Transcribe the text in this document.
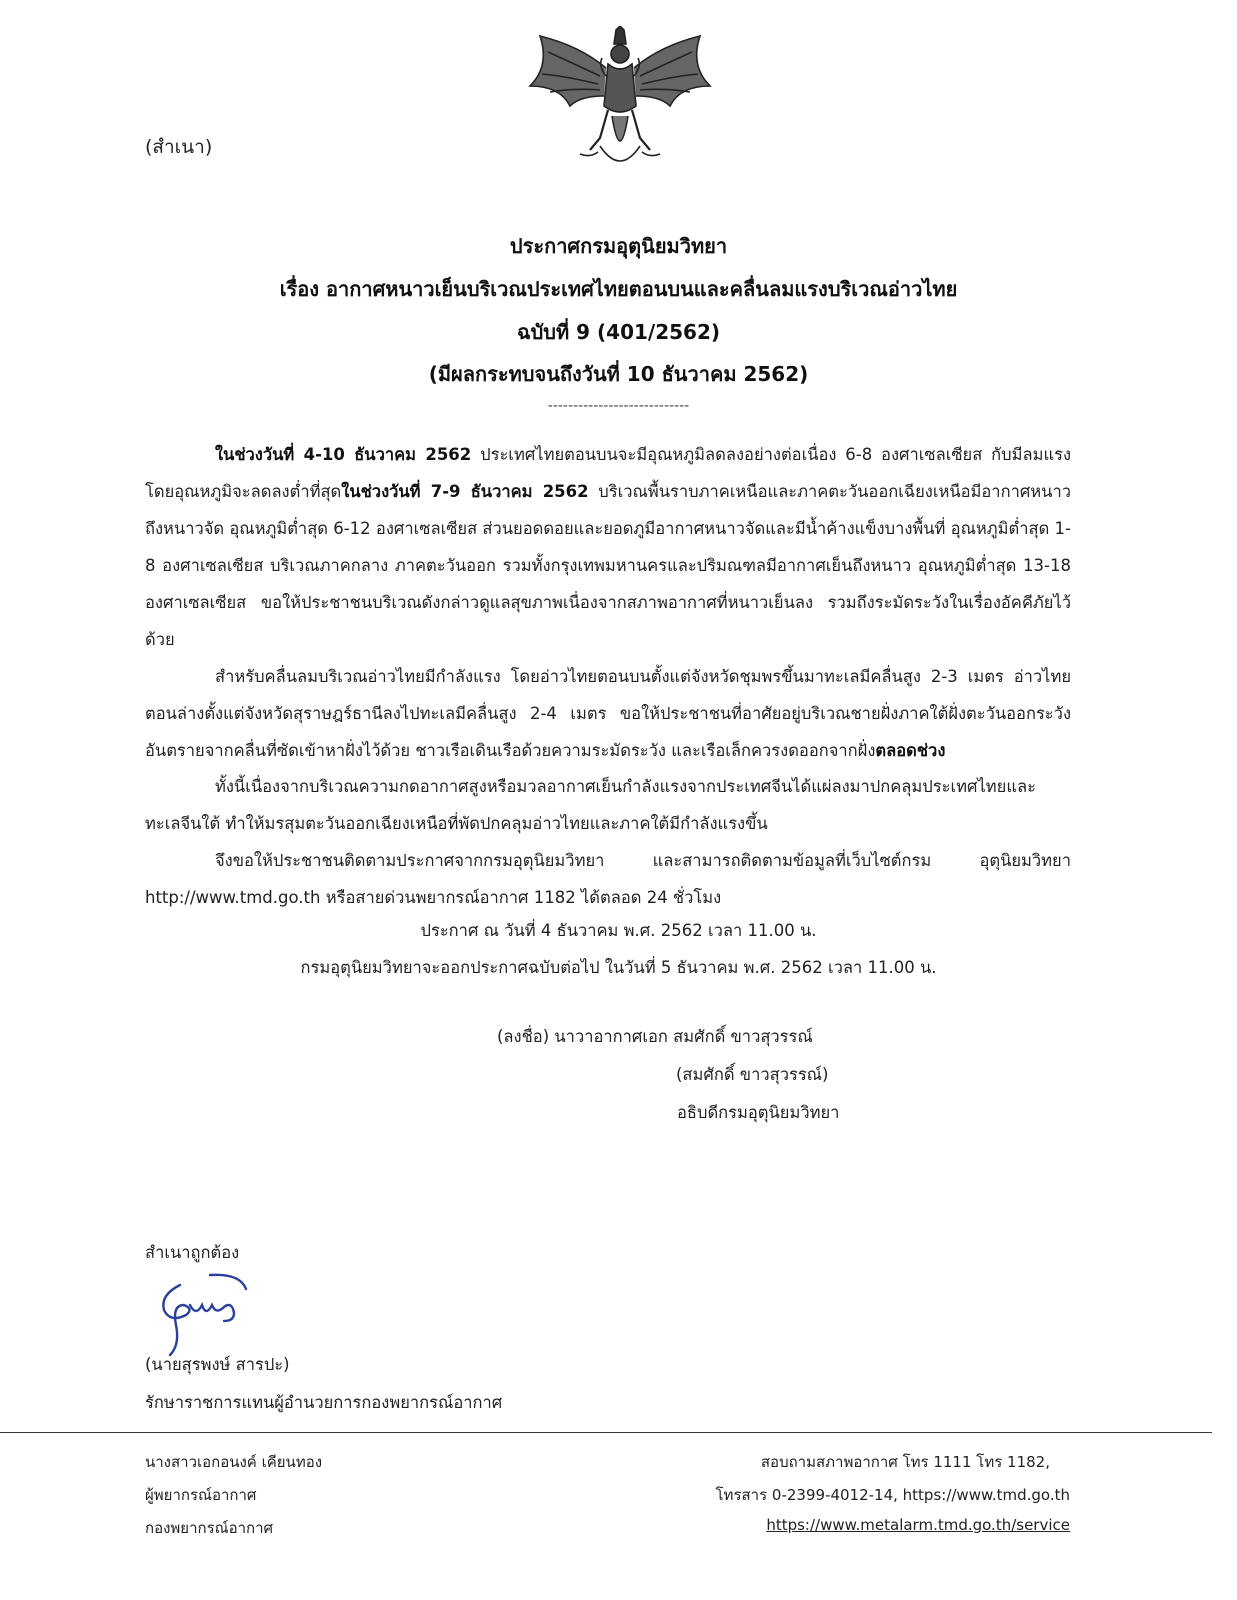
(สำเนา)
ประกาศกรมอุตุนิยมวิทยา
เรื่อง อากาศหนาวเย็นบริเวณประเทศไทยตอนบนและคลื่นลมแรงบริเวณอ่าวไทย
ฉบับที่ 9 (401/2562)
(มีผลกระทบจนถึงวันที่ 10 ธันวาคม 2562)
----------------------------

ในช่วงวันที่ 4-10 ธันวาคม 2562 ประเทศไทยตอนบนจะมีอุณหภูมิลดลงอย่างต่อเนื่อง 6-8 องศาเซลเซียส กับมีลมแรง โดยอุณหภูมิจะลดลงต่ำที่สุดในช่วงวันที่ 7-9 ธันวาคม 2562 บริเวณพื้นราบภาคเหนือและภาคตะวันออกเฉียงเหนือมีอากาศหนาวถึงหนาวจัด อุณหภูมิต่ำสุด 6-12 องศาเซลเซียส ส่วนยอดดอยและยอดภูมีอากาศหนาวจัดและมีน้ำค้างแข็งบางพื้นที่ อุณหภูมิต่ำสุด 1-8 องศาเซลเซียส บริเวณภาคกลาง ภาคตะวันออก รวมทั้งกรุงเทพมหานครและปริมณฑลมีอากาศเย็นถึงหนาว อุณหภูมิต่ำสุด 13-18 องศาเซลเซียส ขอให้ประชาชนบริเวณดังกล่าวดูแลสุขภาพเนื่องจากสภาพอากาศที่หนาวเย็นลง รวมถึงระมัดระวังในเรื่องอัคคีภัยไว้ด้วย

สำหรับคลื่นลมบริเวณอ่าวไทยมีกำลังแรง โดยอ่าวไทยตอนบนตั้งแต่จังหวัดชุมพรขึ้นมาทะเลมีคลื่นสูง 2-3 เมตร อ่าวไทยตอนล่างตั้งแต่จังหวัดสุราษฎร์ธานีลงไปทะเลมีคลื่นสูง 2-4 เมตร ขอให้ประชาชนที่อาศัยอยู่บริเวณชายฝั่งภาคใต้ฝั่งตะวันออกระวังอันตรายจากคลื่นที่ซัดเข้าหาฝั่งไว้ด้วย ชาวเรือเดินเรือด้วยความระมัดระวัง และเรือเล็กควรงดออกจากฝั่งตลอดช่วง

ทั้งนี้เนื่องจากบริเวณความกดอากาศสูงหรือมวลอากาศเย็นกำลังแรงจากประเทศจีนได้แผ่ลงมาปกคลุมประเทศไทยและทะเลจีนใต้ ทำให้มรสุมตะวันออกเฉียงเหนือที่พัดปกคลุมอ่าวไทยและภาคใต้มีกำลังแรงขึ้น

จึงขอให้ประชาชนติดตามประกาศจากกรมอุตุนิยมวิทยา และสามารถติดตามข้อมูลที่เว็บไซต์กรม อุตุนิยมวิทยา http://www.tmd.go.th หรือสายด่วนพยากรณ์อากาศ 1182 ได้ตลอด 24 ชั่วโมง

ประกาศ ณ วันที่ 4 ธันวาคม พ.ศ. 2562 เวลา 11.00 น.
กรมอุตุนิยมวิทยาจะออกประกาศฉบับต่อไป ในวันที่ 5 ธันวาคม พ.ศ. 2562 เวลา 11.00 น.
(ลงชื่อ) นาวาอากาศเอก สมศักดิ์ ขาวสุวรรณ์
(สมศักดิ์ ขาวสุวรรณ์)
อธิบดีกรมอุตุนิยมวิทยา
สำเนาถูกต้อง
(นายสุรพงษ์ สารปะ)
รักษาราชการแทนผู้อำนวยการกองพยากรณ์อากาศ
นางสาวเอกอนงค์ เคียนทอง
ผู้พยากรณ์อากาศ
กองพยากรณ์อากาศ
สอบถามสภาพอากาศ โทร 1111 โทร 1182,
โทรสาร 0-2399-4012-14, https://www.tmd.go.th
https://www.metalarm.tmd.go.th/service
